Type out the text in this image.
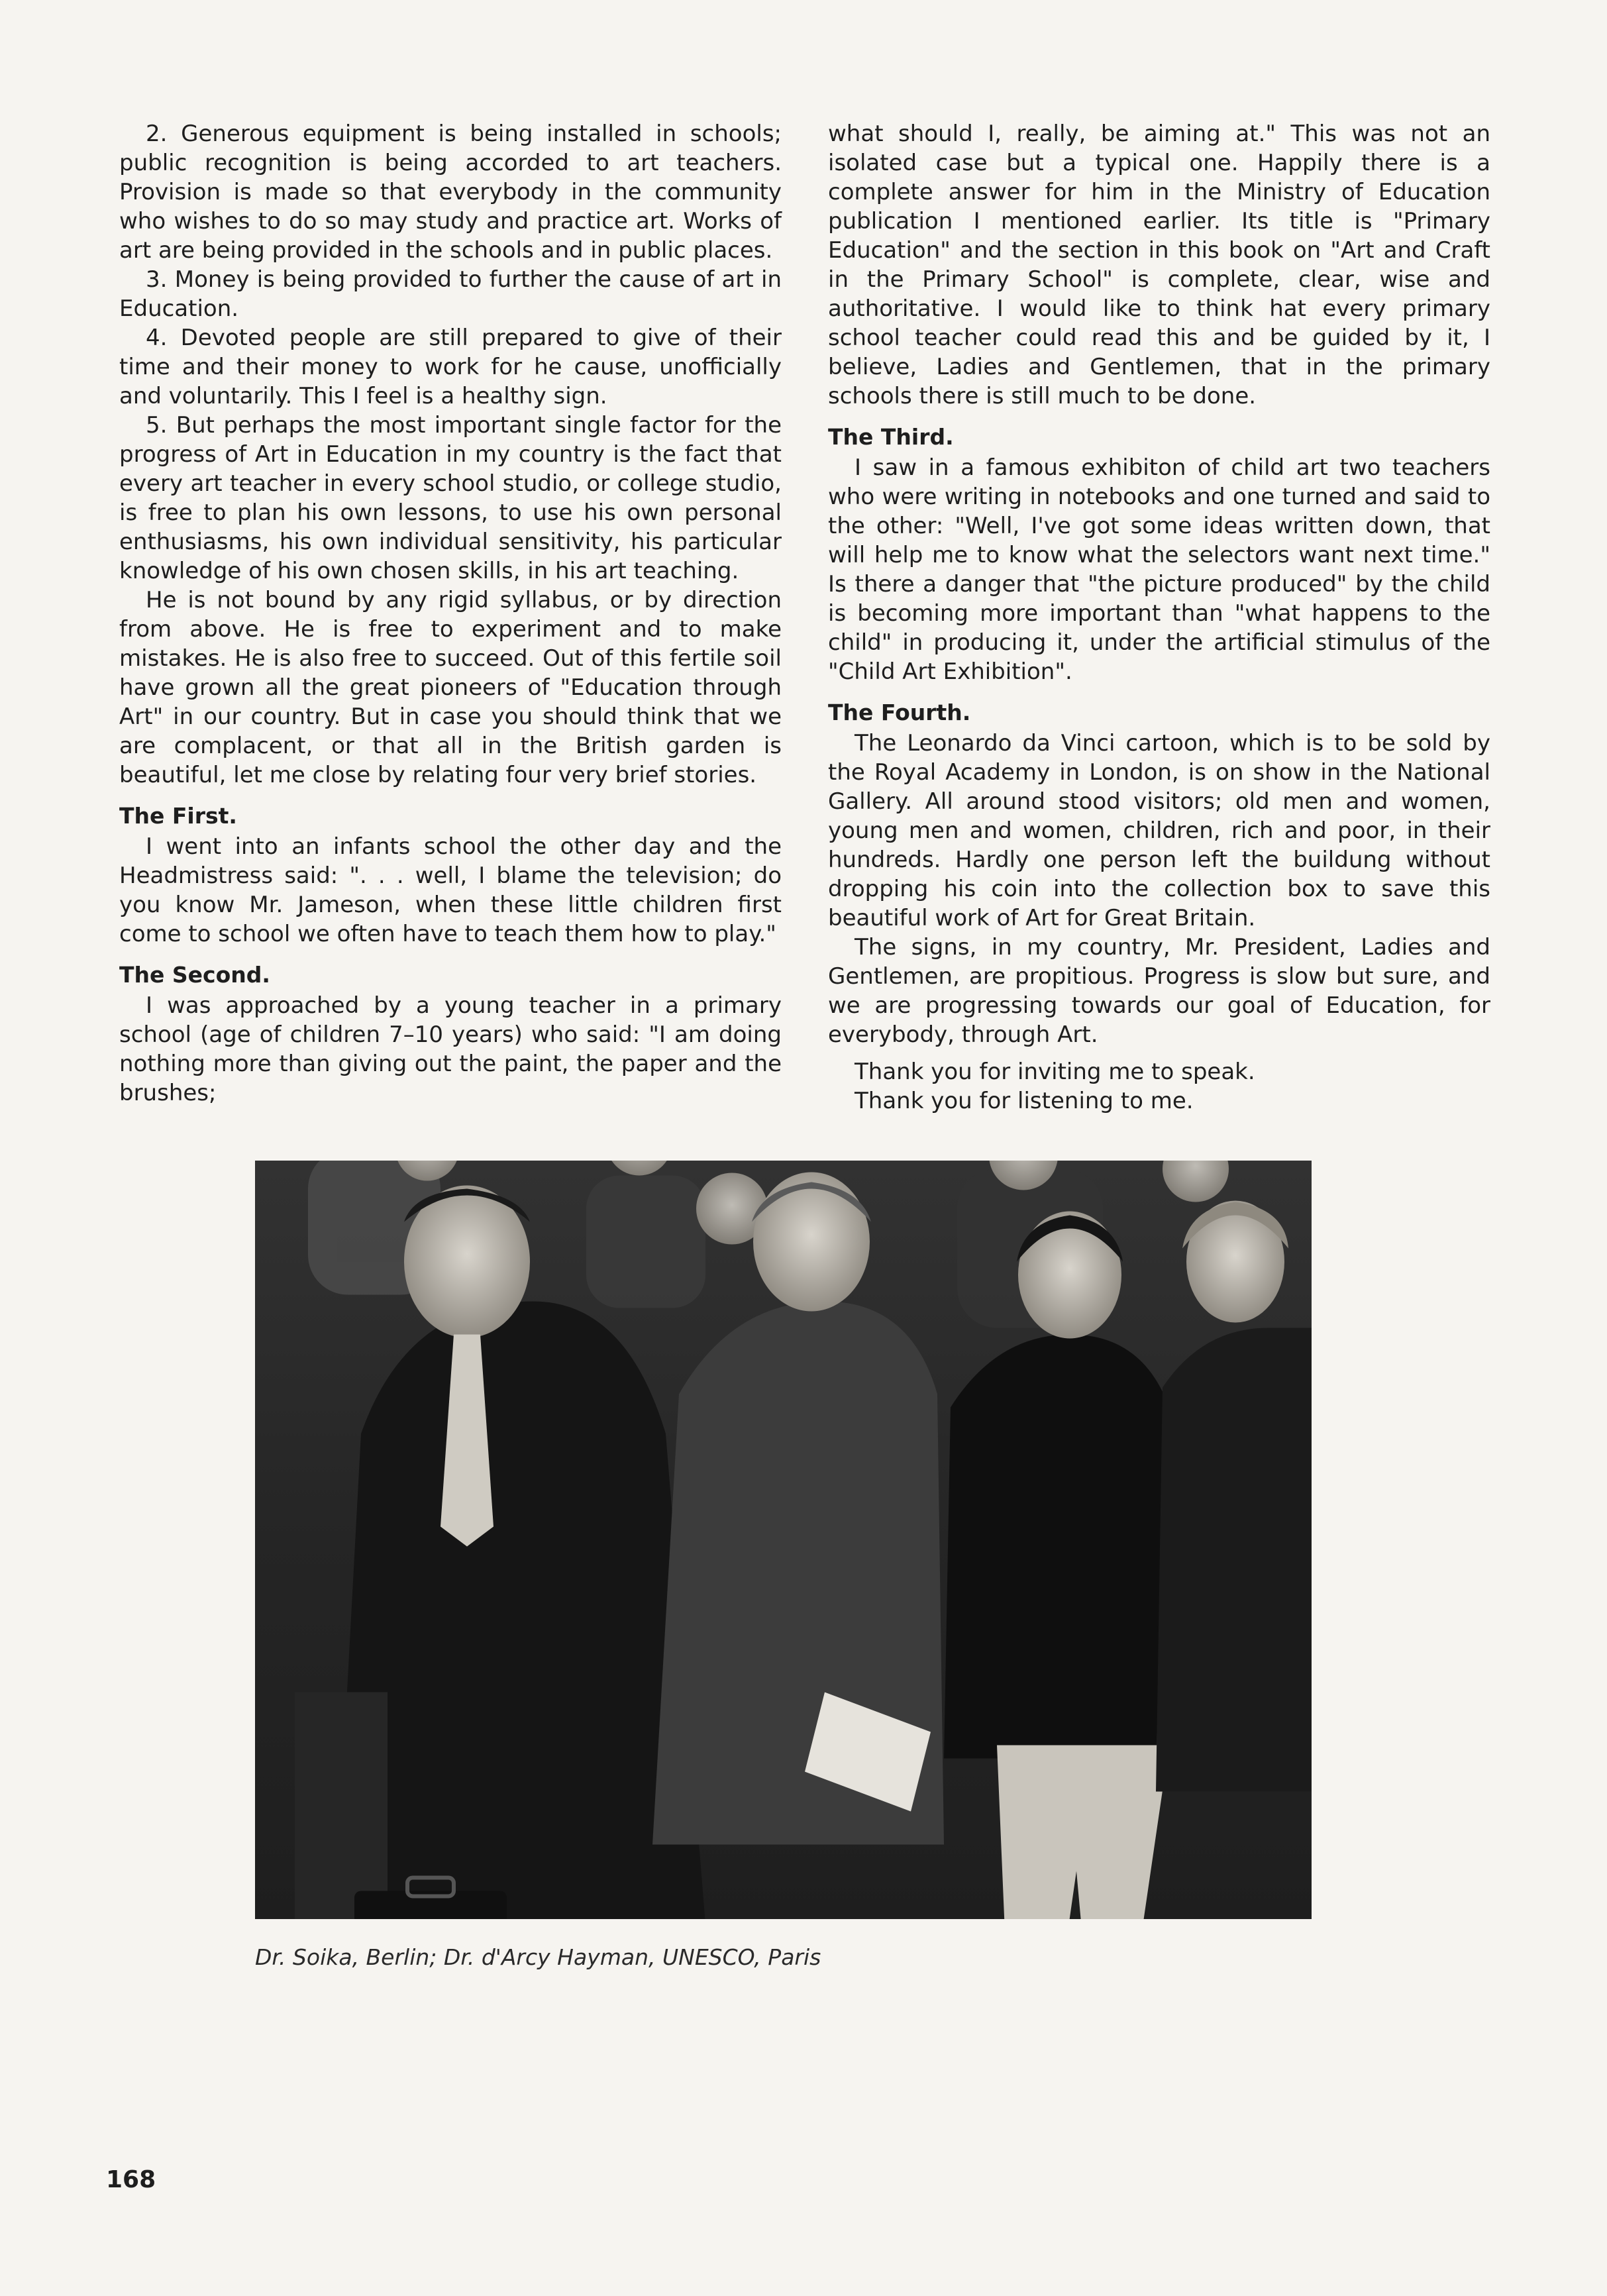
2. Generous equipment is being installed in schools; public recognition is being accorded to art teachers. Provision is made so that everybody in the community who wishes to do so may study and practice art. Works of art are being provided in the schools and in public places.

3. Money is being provided to further the cause of art in Education.

4. Devoted people are still prepared to give of their time and their money to work for he cause, unofficially and voluntarily. This I feel is a healthy sign.

5. But perhaps the most important single factor for the progress of Art in Education in my country is the fact that every art teacher in every school studio, or college studio, is free to plan his own lessons, to use his own personal enthusiasms, his own individual sensitivity, his particular knowledge of his own chosen skills, in his art teaching.

He is not bound by any rigid syllabus, or by direction from above. He is free to experiment and to make mistakes. He is also free to succeed. Out of this fertile soil have grown all the great pioneers of "Education through Art" in our country. But in case you should think that we are complacent, or that all in the British garden is beautiful, let me close by relating four very brief stories.

The First.

I went into an infants school the other day and the Headmistress said: ". . . well, I blame the television; do you know Mr. Jameson, when these little children first come to school we often have to teach them how to play."

The Second.

I was approached by a young teacher in a primary school (age of children 7–10 years) who said: "I am doing nothing more than giving out the paint, the paper and the brushes;

what should I, really, be aiming at." This was not an isolated case but a typical one. Happily there is a complete answer for him in the Ministry of Education publication I mentioned earlier. Its title is "Primary Education" and the section in this book on "Art and Craft in the Primary School" is complete, clear, wise and authoritative. I would like to think hat every primary school teacher could read this and be guided by it, I believe, Ladies and Gentlemen, that in the primary schools there is still much to be done.

The Third.

I saw in a famous exhibiton of child art two teachers who were writing in notebooks and one turned and said to the other: "Well, I've got some ideas written down, that will help me to know what the selectors want next time." Is there a danger that "the picture produced" by the child is becoming more important than "what happens to the child" in producing it, under the artificial stimulus of the "Child Art Exhibition".

The Fourth.

The Leonardo da Vinci cartoon, which is to be sold by the Royal Academy in London, is on show in the National Gallery. All around stood visitors; old men and women, young men and women, children, rich and poor, in their hundreds. Hardly one person left the buildung without dropping his coin into the collection box to save this beautiful work of Art for Great Britain.

The signs, in my country, Mr. President, Ladies and Gentlemen, are propitious. Progress is slow but sure, and we are progressing towards our goal of Education, for everybody, through Art.

Thank you for inviting me to speak.

Thank you for listening to me.

Dr. Soika, Berlin; Dr. d'Arcy Hayman, UNESCO, Paris
168
